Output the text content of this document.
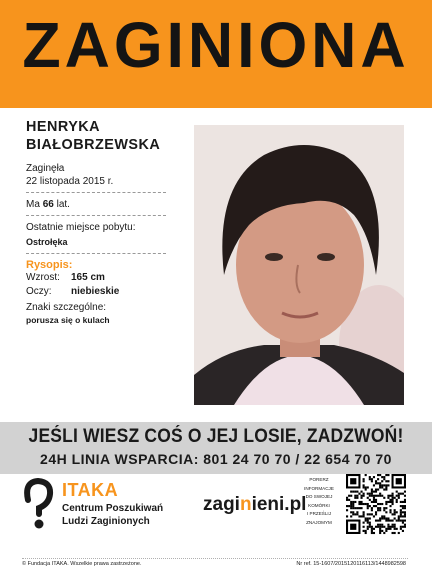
ZAGINIONA
HENRYKA
BIAŁOBRZEWSKA
Zaginęła
22 listopada 2015 r.
Ma 66 lat.
Ostatnie miejsce pobytu:
Ostrołęka
Rysopis:
Wzrost:	165 cm
Oczy:	niebieskie
Znaki szczególne:
porusza się o kulach
JEŚLI WIESZ COŚ O JEJ LOSIE, ZADZWOŃ!
24H LINIA WSPARCIA: 801 24 70 70 / 22 654 70 70
ITAKA
Centrum Poszukiwań
Ludzi Zaginionych
zaginieni.pl
PORERZ
INFORMACJE
DO SWOJEJ
KOMÓRKI
I PRZEŚLIJ
ZNAJOMYM
© Fundacja ITAKA. Wszelkie prawa zastrzeżone.	Nr ref. 15-1607/2015120116113/1448982598
